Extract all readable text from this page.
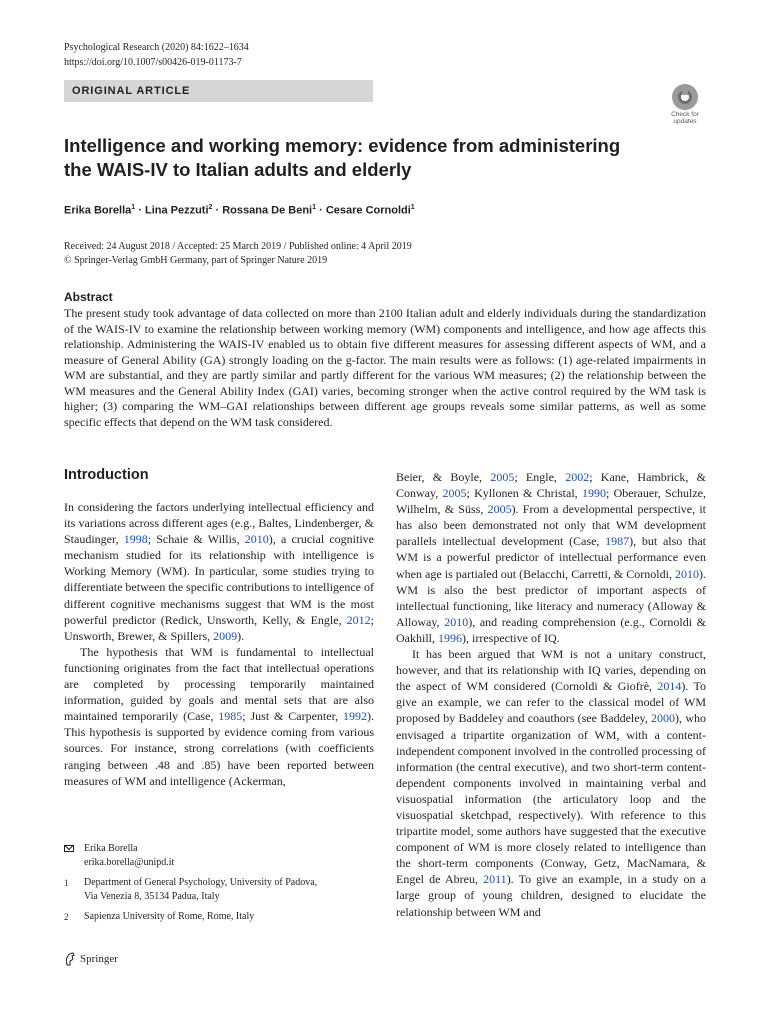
Psychological Research (2020) 84:1622–1634
https://doi.org/10.1007/s00426-019-01173-7
ORIGINAL ARTICLE
Check for
updates
Intelligence and working memory: evidence from administering
the WAIS-IV to Italian adults and elderly
Erika Borella$^1$ · Lina Pezzuti$^2$ · Rossana De Beni$^1$ · Cesare Cornoldi$^1$
Received: 24 August 2018 / Accepted: 25 March 2019 / Published online: 4 April 2019
© Springer-Verlag GmbH Germany, part of Springer Nature 2019
Abstract
The present study took advantage of data collected on more than 2100 Italian adult and elderly individuals during the standardization of the WAIS-IV to examine the relationship between working memory (WM) components and intelligence, and how age affects this relationship. Administering the WAIS-IV enabled us to obtain five different measures for assessing different aspects of WM, and a measure of General Ability (GA) strongly loading on the g-factor. The main results were as follows: (1) age-related impairments in WM are substantial, and they are partly similar and partly different for the various WM measures; (2) the relationship between the WM measures and the General Ability Index (GAI) varies, becoming stronger when the active control required by the WM task is higher; (3) comparing the WM–GAI relationships between different age groups reveals some similar patterns, as well as some specific effects that depend on the WM task considered.
Introduction

In considering the factors underlying intellectual efficiency and its variations across different ages (e.g., Baltes, Lindenberger, & Staudinger, 1998; Schaie & Willis, 2010), a crucial cognitive mechanism studied for its relationship with intelligence is Working Memory (WM). In particular, some studies trying to differentiate between the specific contributions to intelligence of different cognitive mechanisms suggest that WM is the most powerful predictor (Redick, Unsworth, Kelly, & Engle, 2012; Unsworth, Brewer, & Spillers, 2009).

The hypothesis that WM is fundamental to intellectual functioning originates from the fact that intellectual operations are completed by processing temporarily maintained information, guided by goals and mental sets that are also maintained temporarily (Case, 1985; Just & Carpenter, 1992). This hypothesis is supported by evidence coming from various sources. For instance, strong correlations (with coefficients ranging between .48 and .85) have been reported between measures of WM and intelligence (Ackerman,

Beier, & Boyle, 2005; Engle, 2002; Kane, Hambrick, & Conway, 2005; Kyllonen & Christal, 1990; Oberauer, Schulze, Wilhelm, & Süss, 2005). From a developmental perspective, it has also been demonstrated not only that WM development parallels intellectual development (Case, 1987), but also that WM is a powerful predictor of intellectual performance even when age is partialed out (Belacchi, Carretti, & Cornoldi, 2010). WM is also the best predictor of important aspects of intellectual functioning, like literacy and numeracy (Alloway & Alloway, 2010), and reading comprehension (e.g., Cornoldi & Oakhill, 1996), irrespective of IQ.

It has been argued that WM is not a unitary construct, however, and that its relationship with IQ varies, depending on the aspect of WM considered (Cornoldi & Giofrè, 2014). To give an example, we can refer to the classical model of WM proposed by Baddeley and coauthors (see Baddeley, 2000), who envisaged a tripartite organization of WM, with a content-independent component involved in the controlled processing of information (the central executive), and two short-term content-dependent components involved in maintaining verbal and visuospatial information (the articulatory loop and the visuospatial sketchpad, respectively). With reference to this tripartite model, some authors have suggested that the executive component of WM is more closely related to intelligence than the short-term components (Conway, Getz, MacNamara, & Engel de Abreu, 2011). To give an example, in a study on a large group of young children, designed to elucidate the relationship between WM and

Erika Borella
erika.borella@unipd.it
1	Department of General Psychology, University of Padova,
Via Venezia 8, 35134 Padua, Italy
2	Sapienza University of Rome, Rome, Italy
Springer
